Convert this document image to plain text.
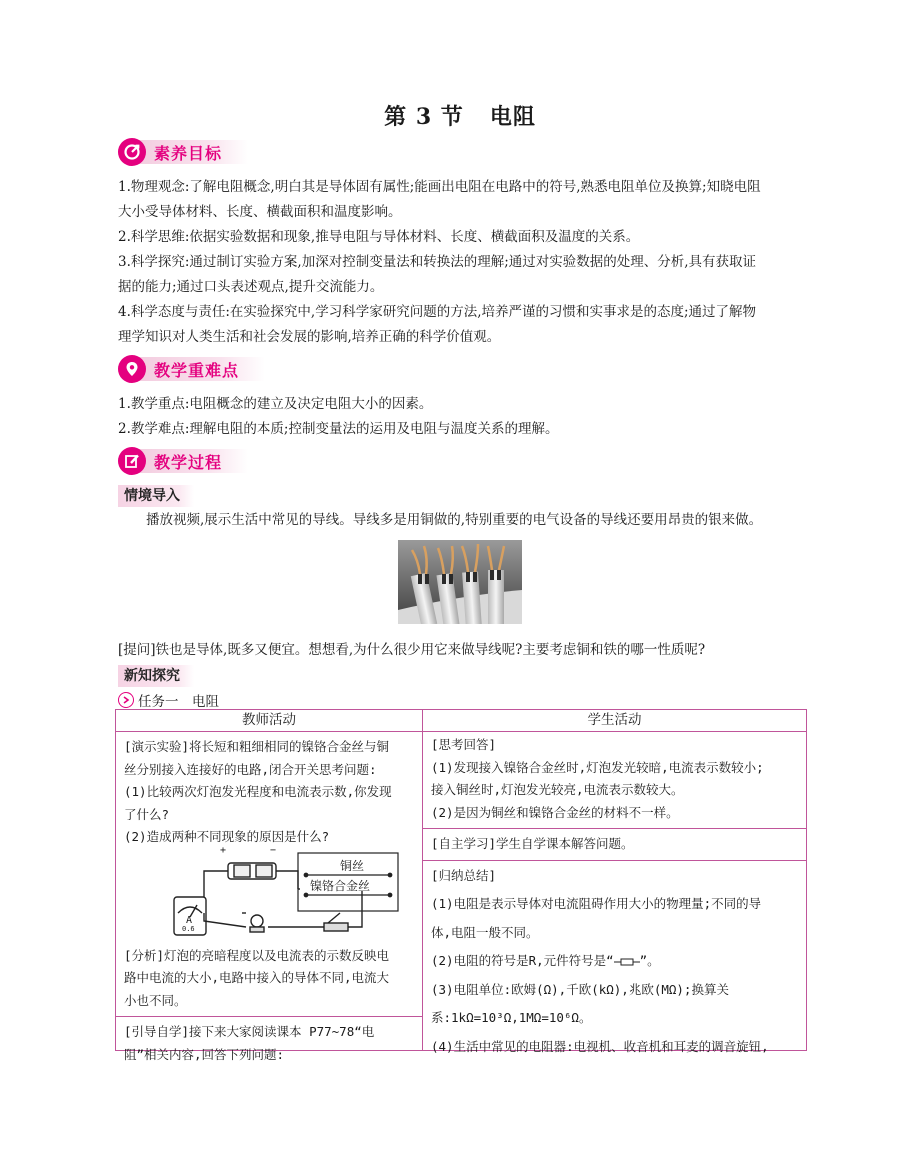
第 3 节 电阻
素养目标

1.物理观念:了解电阻概念,明白其是导体固有属性;能画出电阻在电路中的符号,熟悉电阻单位及换算;知晓电阻

大小受导体材料、长度、横截面积和温度影响。

2.科学思维:依据实验数据和现象,推导电阻与导体材料、长度、横截面积及温度的关系。

3.科学探究:通过制订实验方案,加深对控制变量法和转换法的理解;通过对实验数据的处理、分析,具有获取证

据的能力;通过口头表述观点,提升交流能力。

4.科学态度与责任:在实验探究中,学习科学家研究问题的方法,培养严谨的习惯和实事求是的态度;通过了解物

理学知识对人类生活和社会发展的影响,培养正确的科学价值观。

教学重难点

1.教学重点:电阻概念的建立及决定电阻大小的因素。

2.教学难点:理解电阻的本质;控制变量法的运用及电阻与温度关系的理解。

教学过程
情境导入

播放视频,展示生活中常见的导线。导线多是用铜做的,特别重要的电气设备的导线还要用昂贵的银来做。

[提问]铁也是导体,既多又便宜。想想看,为什么很少用它来做导线呢?主要考虑铜和铁的哪一性质呢?

新知探究
任务一　电阻
教师活动

[演示实验]将长短和粗细相同的镍铬合金丝与铜

丝分别接入连接好的电路,闭合开关思考问题:

(1)比较两次灯泡发光程度和电流表示数,你发现

了什么?

(2)造成两种不同现象的原因是什么?

+	−
A
0.6
铜丝
镍铬合金丝

[分析]灯泡的亮暗程度以及电流表的示数反映电

路中电流的大小,电路中接入的导体不同,电流大

小也不同。

[引导自学]接下来大家阅读课本 P77~78“电

阻”相关内容,回答下列问题:

学生活动

[思考回答]

(1)发现接入镍铬合金丝时,灯泡发光较暗,电流表示数较小;

接入铜丝时,灯泡发光较亮,电流表示数较大。

(2)是因为铜丝和镍铬合金丝的材料不一样。

[自主学习]学生自学课本解答问题。

[归纳总结]

(1)电阻是表示导体对电流阻碍作用大小的物理量;不同的导

体,电阻一般不同。

(2)电阻的符号是R,元件符号是“ ”。

(3)电阻单位:欧姆(Ω),千欧(kΩ),兆欧(MΩ);换算关

系:1kΩ=10³Ω,1MΩ=10⁶Ω。

(4)生活中常见的电阻器:电视机、收音机和耳麦的调音旋钮,
